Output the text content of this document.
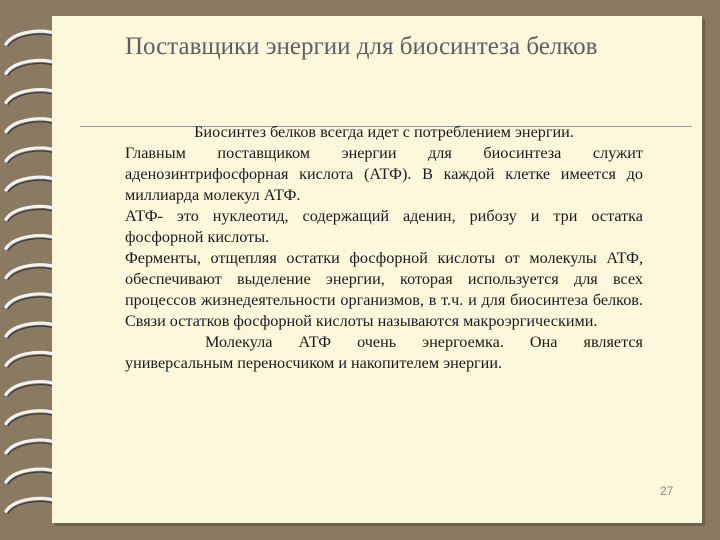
Поставщики энергии для биосинтеза белков

Биосинтез белков всегда идет с потреблением энергии.

Главным поставщиком энергии для биосинтеза служит аденозинтрифосфорная кислота (АТФ). В каждой клетке имеется до миллиарда молекул АТФ.

АТФ- это нуклеотид, содержащий аденин, рибозу и три остатка фосфорной кислоты.

Ферменты, отщепляя остатки фосфорной кислоты от молекулы АТФ, обеспечивают выделение энергии, которая используется для всех процессов жизнедеятельности организмов, в т.ч. и для биосинтеза белков. Связи остатков фосфорной кислоты называются макроэргическими.

Молекула АТФ очень энергоемка. Она является универсальным переносчиком и накопителем энергии.

27
